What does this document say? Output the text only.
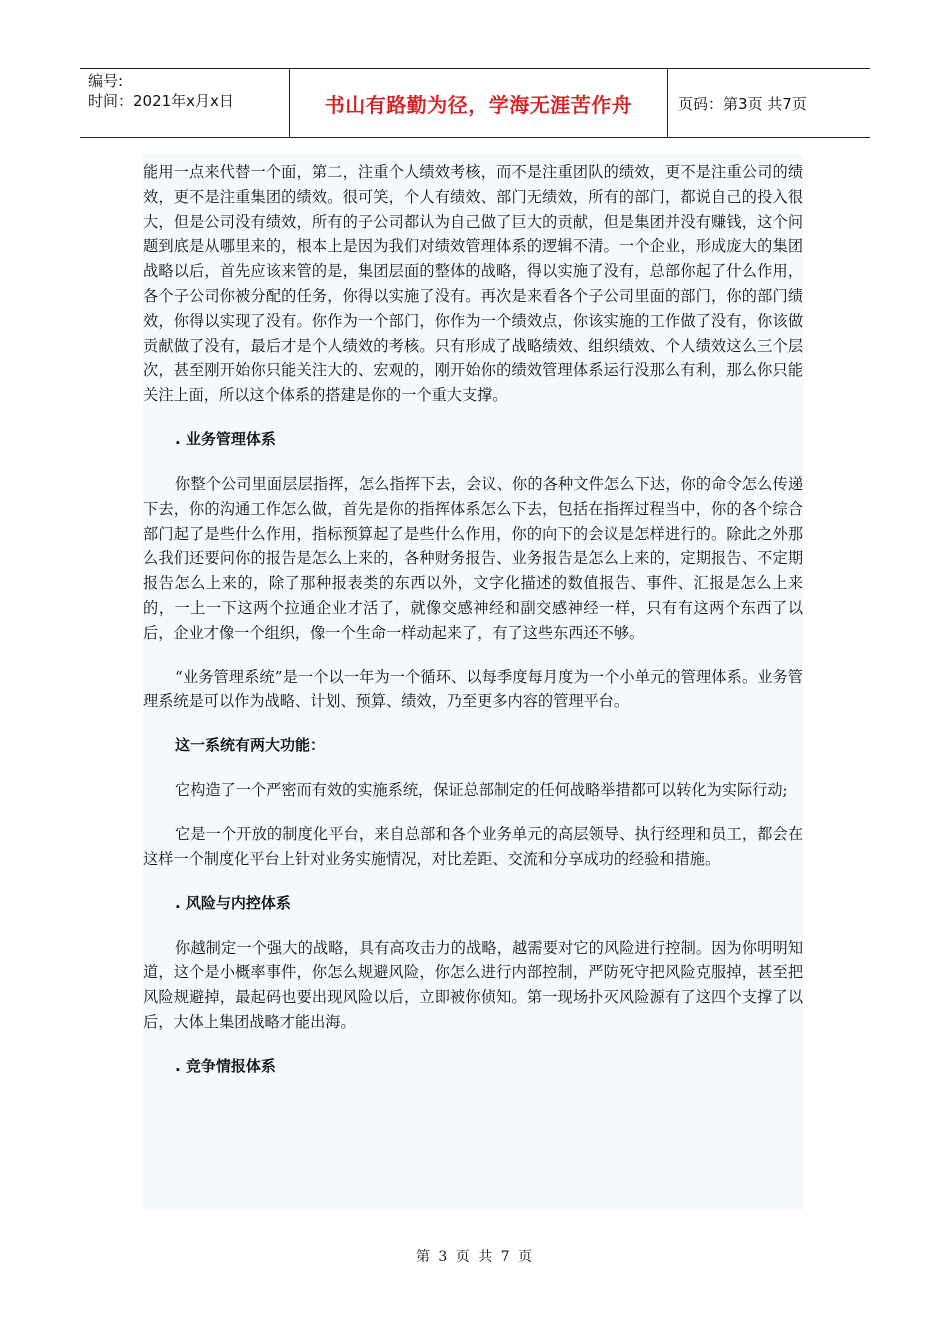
编号:
时间：2021年x月x日	书山有路勤为径，学海无涯苦作舟	页码：第3页 共7页

能用一点来代替一个面，第二，注重个人绩效考核，而不是注重团队的绩效，更不是注重公司的绩效，更不是注重集团的绩效。很可笑，个人有绩效、部门无绩效，所有的部门，都说自己的投入很大，但是公司没有绩效，所有的子公司都认为自己做了巨大的贡献，但是集团并没有赚钱，这个问题到底是从哪里来的，根本上是因为我们对绩效管理体系的逻辑不清。一个企业，形成庞大的集团战略以后，首先应该来管的是，集团层面的整体的战略，得以实施了没有，总部你起了什么作用，各个子公司你被分配的任务，你得以实施了没有。再次是来看各个子公司里面的部门，你的部门绩效，你得以实现了没有。你作为一个部门，你作为一个绩效点，你该实施的工作做了没有，你该做贡献做了没有，最后才是个人绩效的考核。只有形成了战略绩效、组织绩效、个人绩效这么三个层次，甚至刚开始你只能关注大的、宏观的，刚开始你的绩效管理体系运行没那么有利，那么你只能关注上面，所以这个体系的搭建是你的一个重大支撑。

. 业务管理体系

你整个公司里面层层指挥，怎么指挥下去，会议、你的各种文件怎么下达，你的命令怎么传递下去，你的沟通工作怎么做，首先是你的指挥体系怎么下去，包括在指挥过程当中，你的各个综合部门起了是些什么作用，指标预算起了是些什么作用，你的向下的会议是怎样进行的。除此之外那么我们还要问你的报告是怎么上来的，各种财务报告、业务报告是怎么上来的，定期报告、不定期报告怎么上来的，除了那种报表类的东西以外，文字化描述的数值报告、事件、汇报是怎么上来的，一上一下这两个拉通企业才活了，就像交感神经和副交感神经一样，只有有这两个东西了以后，企业才像一个组织，像一个生命一样动起来了，有了这些东西还不够。

“业务管理系统”是一个以一年为一个循环、以每季度每月度为一个小单元的管理体系。业务管理系统是可以作为战略、计划、预算、绩效，乃至更多内容的管理平台。

这一系统有两大功能：

它构造了一个严密而有效的实施系统，保证总部制定的任何战略举措都可以转化为实际行动;

它是一个开放的制度化平台，来自总部和各个业务单元的高层领导、执行经理和员工，都会在这样一个制度化平台上针对业务实施情况，对比差距、交流和分享成功的经验和措施。

. 风险与内控体系

你越制定一个强大的战略，具有高攻击力的战略，越需要对它的风险进行控制。因为你明明知道，这个是小概率事件，你怎么规避风险，你怎么进行内部控制，严防死守把风险克服掉，甚至把风险规避掉，最起码也要出现风险以后，立即被你侦知。第一现场扑灭风险源有了这四个支撑了以后，大体上集团战略才能出海。

. 竞争情报体系
第 3 页 共 7 页
